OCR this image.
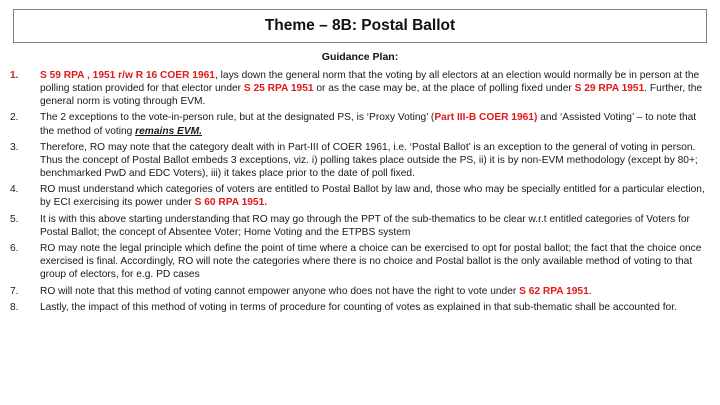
Theme – 8B: Postal Ballot
Guidance Plan:
1.	S 59 RPA , 1951 r/w R 16 COER 1961, lays down the general norm that the voting by all electors at an election would normally be in person at the polling station provided for that elector under S 25 RPA 1951 or as the case may be, at the place of polling fixed under S 29 RPA 1951. Further, the general norm is voting through EVM.
2.	The 2 exceptions to the vote-in-person rule, but at the designated PS, is ‘Proxy Voting’ (Part III-B COER 1961) and ‘Assisted Voting’ – to note that the method of voting remains EVM.
3.	Therefore, RO may note that the category dealt with in Part-III of COER 1961, i.e. ‘Postal Ballot’ is an exception to the general of voting in person. Thus the concept of Postal Ballot embeds 3 exceptions, viz. i) polling takes place outside the PS, ii) it is by non-EVM methodology (except by 80+; benchmarked PwD and EDC Voters), iii) it takes place prior to the date of poll fixed.
4.	RO must understand which categories of voters are entitled to Postal Ballot by law and, those who may be specially entitled for a particular election, by ECI exercising its power under S 60 RPA 1951.
5.	It is with this above starting understanding that RO may go through the PPT of the sub-thematics to be clear w.r.t entitled categories of Voters for Postal Ballot; the concept of Absentee Voter; Home Voting and the ETPBS system
6.	RO may note the legal principle which define the point of time where a choice can be exercised to opt for postal ballot; the fact that the choice once exercised is final. Accordingly, RO will note the categories where there is no choice and Postal ballot is the only available method of voting to that group of electors, for e.g. PD cases
7.	RO will note that this method of voting cannot empower anyone who does not have the right to vote under S 62 RPA 1951.
8.	Lastly, the impact of this method of voting in terms of procedure for counting of votes as explained in that sub-thematic shall be accounted for.
